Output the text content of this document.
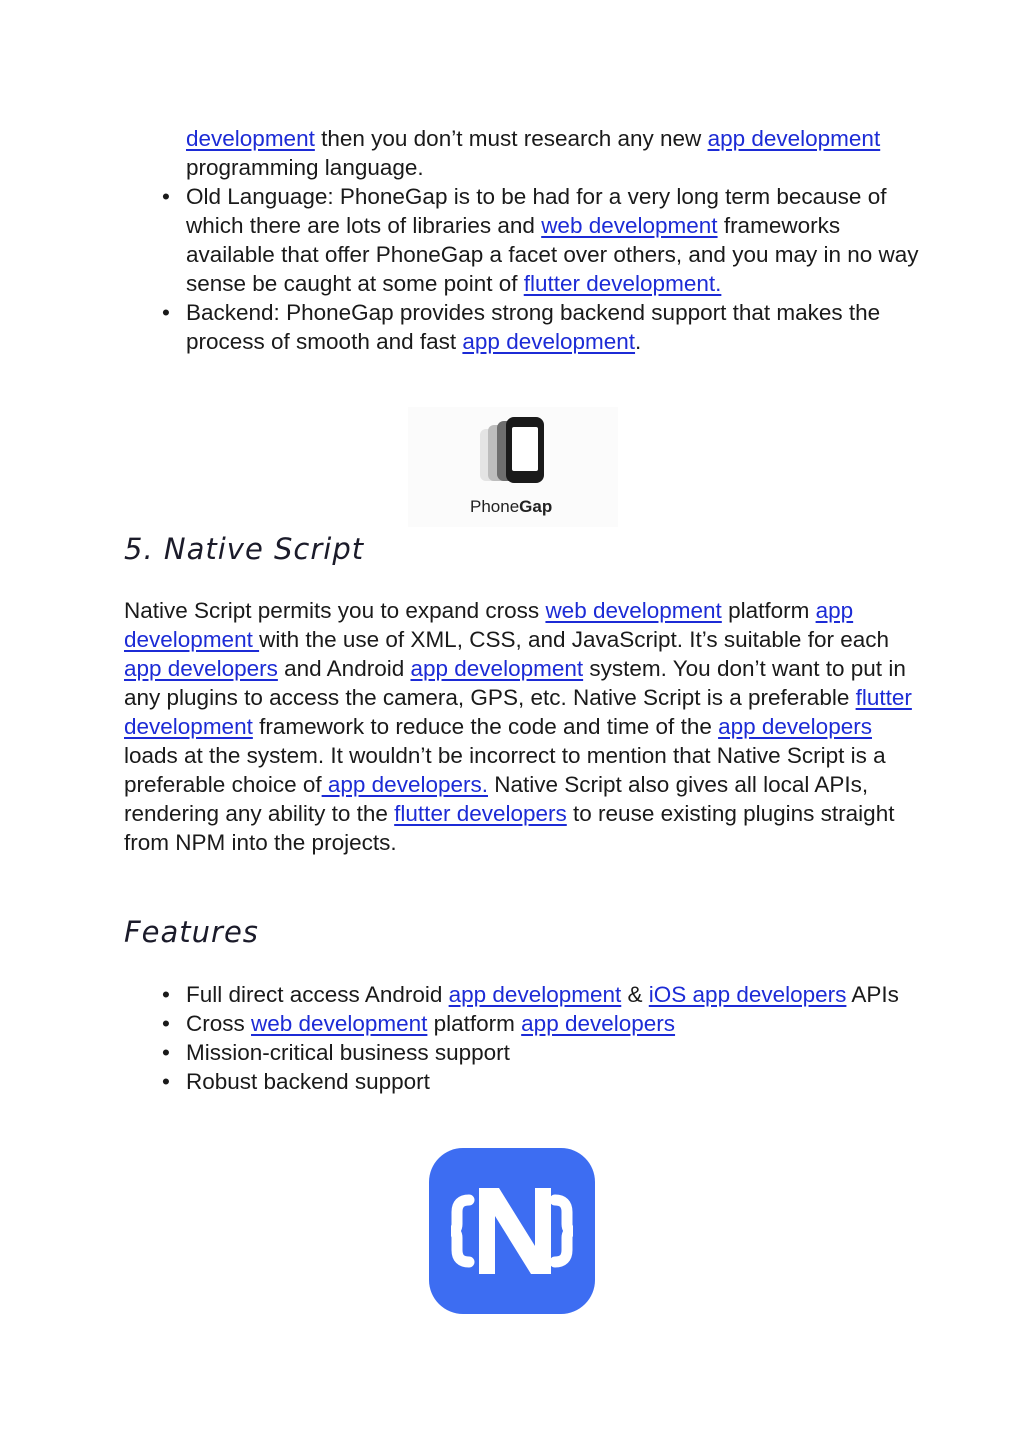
development then you don’t must research any new app development programming language.
• Old Language: PhoneGap is to be had for a very long term because of which there are lots of libraries and web development frameworks available that offer PhoneGap a facet over others, and you may in no way sense be caught at some point of flutter development.
• Backend: PhoneGap provides strong backend support that makes the process of smooth and fast app development.
PhoneGap
5. Native Script

Native Script permits you to expand cross web development platform app development with the use of XML, CSS, and JavaScript. It’s suitable for each app developers and Android app development system. You don’t want to put in any plugins to access the camera, GPS, etc. Native Script is a preferable flutter development framework to reduce the code and time of the app developers loads at the system. It wouldn’t be incorrect to mention that Native Script is a preferable choice of app developers. Native Script also gives all local APIs, rendering any ability to the flutter developers to reuse existing plugins straight from NPM into the projects.

Features
• Full direct access Android app development & iOS app developers APIs
• Cross web development platform app developers
• Mission-critical business support
• Robust backend support
